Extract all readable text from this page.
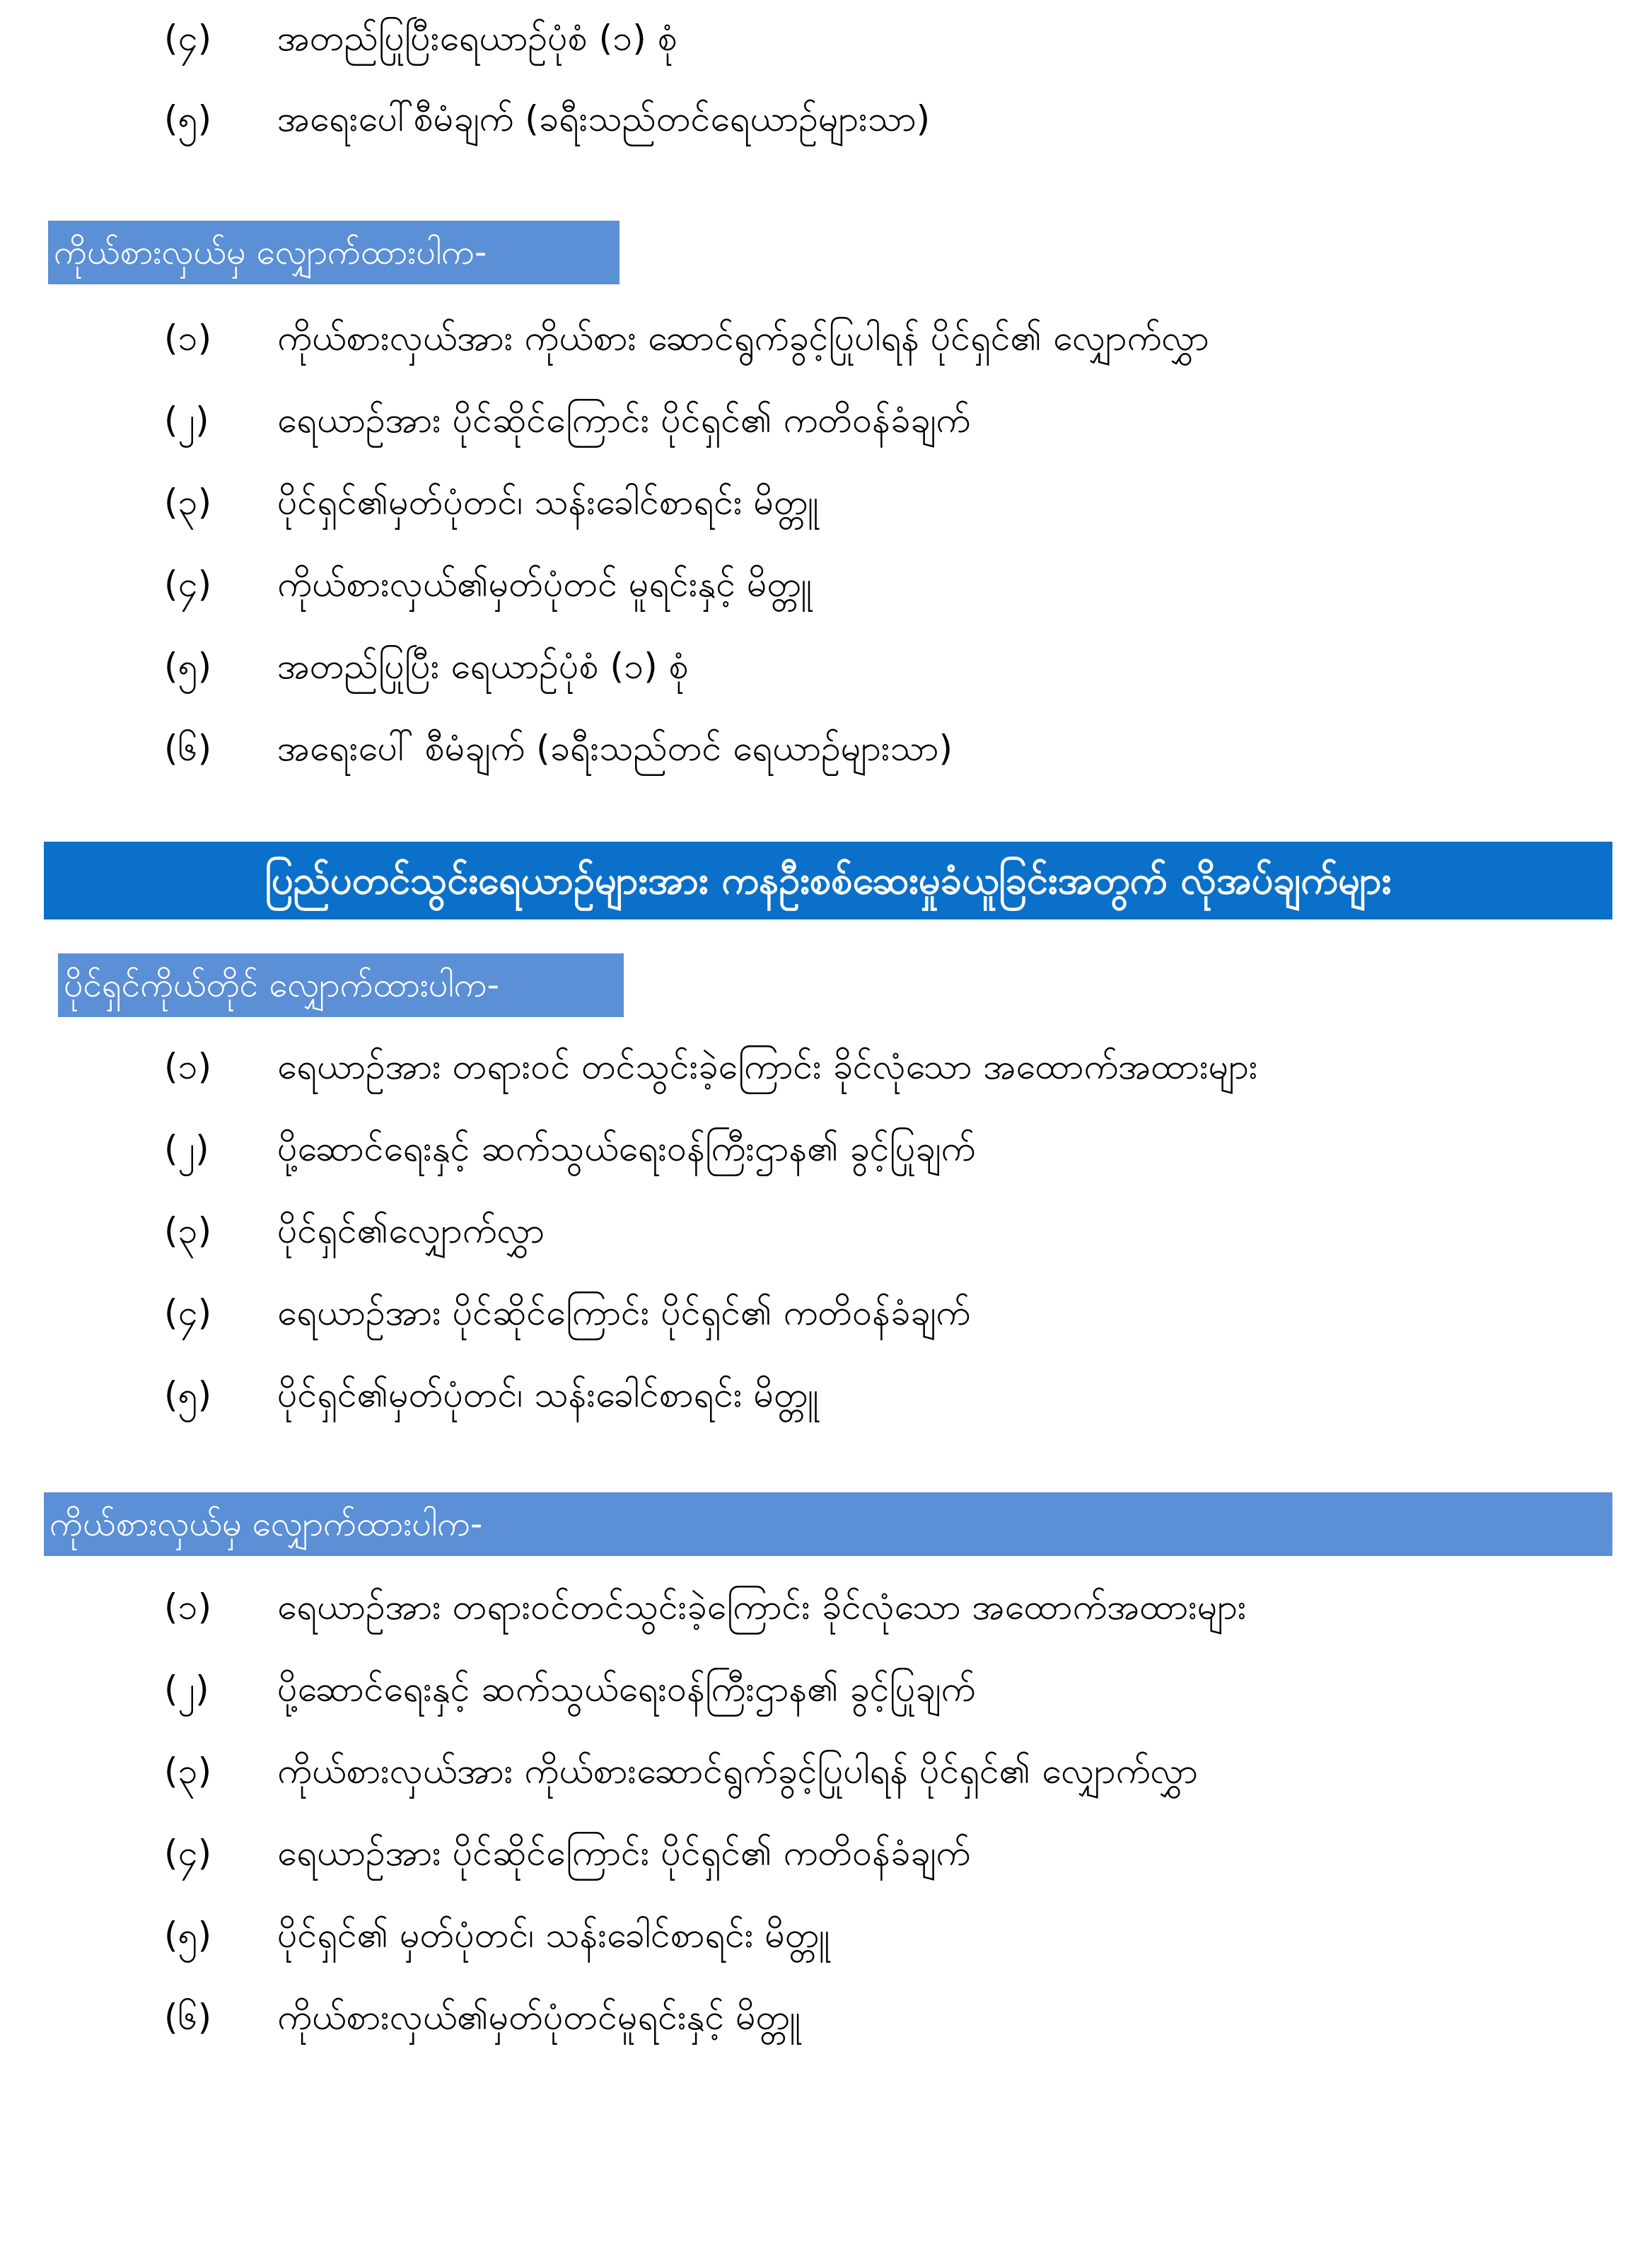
(၄) အတည်ပြုပြီးရေယာဉ်ပုံစံ (၁) စုံ
(၅) အရေးပေါ်စီမံချက် (ခရီးသည်တင်ရေယာဉ်များသာ)
ကိုယ်စားလှယ်မှ လျှောက်ထားပါက-
(၁) ကိုယ်စားလှယ်အား ကိုယ်စား ဆောင်ရွက်ခွင့်ပြုပါရန် ပိုင်ရှင်၏ လျှောက်လွှာ
(၂) ရေယာဉ်အား ပိုင်ဆိုင်ကြောင်း ပိုင်ရှင်၏ ကတိဝန်ခံချက်
(၃) ပိုင်ရှင်၏မှတ်ပုံတင်၊ သန်းခေါင်စာရင်း မိတ္တူ
(၄) ကိုယ်စားလှယ်၏မှတ်ပုံတင် မူရင်းနှင့် မိတ္တူ
(၅) အတည်ပြုပြီး ရေယာဉ်ပုံစံ (၁) စုံ
(၆) အရေးပေါ် စီမံချက် (ခရီးသည်တင် ရေယာဉ်များသာ)
ပြည်ပတင်သွင်းရေယာဉ်များအား ကနဦးစစ်ဆေးမှုခံယူခြင်းအတွက် လိုအပ်ချက်များ
ပိုင်ရှင်ကိုယ်တိုင် လျှောက်ထားပါက-
(၁) ရေယာဉ်အား တရားဝင် တင်သွင်းခဲ့ကြောင်း ခိုင်လုံသော အထောက်အထားများ
(၂) ပို့ဆောင်ရေးနှင့် ဆက်သွယ်ရေးဝန်ကြီးဌာန၏ ခွင့်ပြုချက်
(၃) ပိုင်ရှင်၏လျှောက်လွှာ
(၄) ရေယာဉ်အား ပိုင်ဆိုင်ကြောင်း ပိုင်ရှင်၏ ကတိဝန်ခံချက်
(၅) ပိုင်ရှင်၏မှတ်ပုံတင်၊ သန်းခေါင်စာရင်း မိတ္တူ
ကိုယ်စားလှယ်မှ လျှောက်ထားပါက-
(၁) ရေယာဉ်အား တရားဝင်တင်သွင်းခဲ့ကြောင်း ခိုင်လုံသော အထောက်အထားများ
(၂) ပို့ဆောင်ရေးနှင့် ဆက်သွယ်ရေးဝန်ကြီးဌာန၏ ခွင့်ပြုချက်
(၃) ကိုယ်စားလှယ်အား ကိုယ်စားဆောင်ရွက်ခွင့်ပြုပါရန် ပိုင်ရှင်၏ လျှောက်လွှာ
(၄) ရေယာဉ်အား ပိုင်ဆိုင်ကြောင်း ပိုင်ရှင်၏ ကတိဝန်ခံချက်
(၅) ပိုင်ရှင်၏ မှတ်ပုံတင်၊ သန်းခေါင်စာရင်း မိတ္တူ
(၆) ကိုယ်စားလှယ်၏မှတ်ပုံတင်မူရင်းနှင့် မိတ္တူ
